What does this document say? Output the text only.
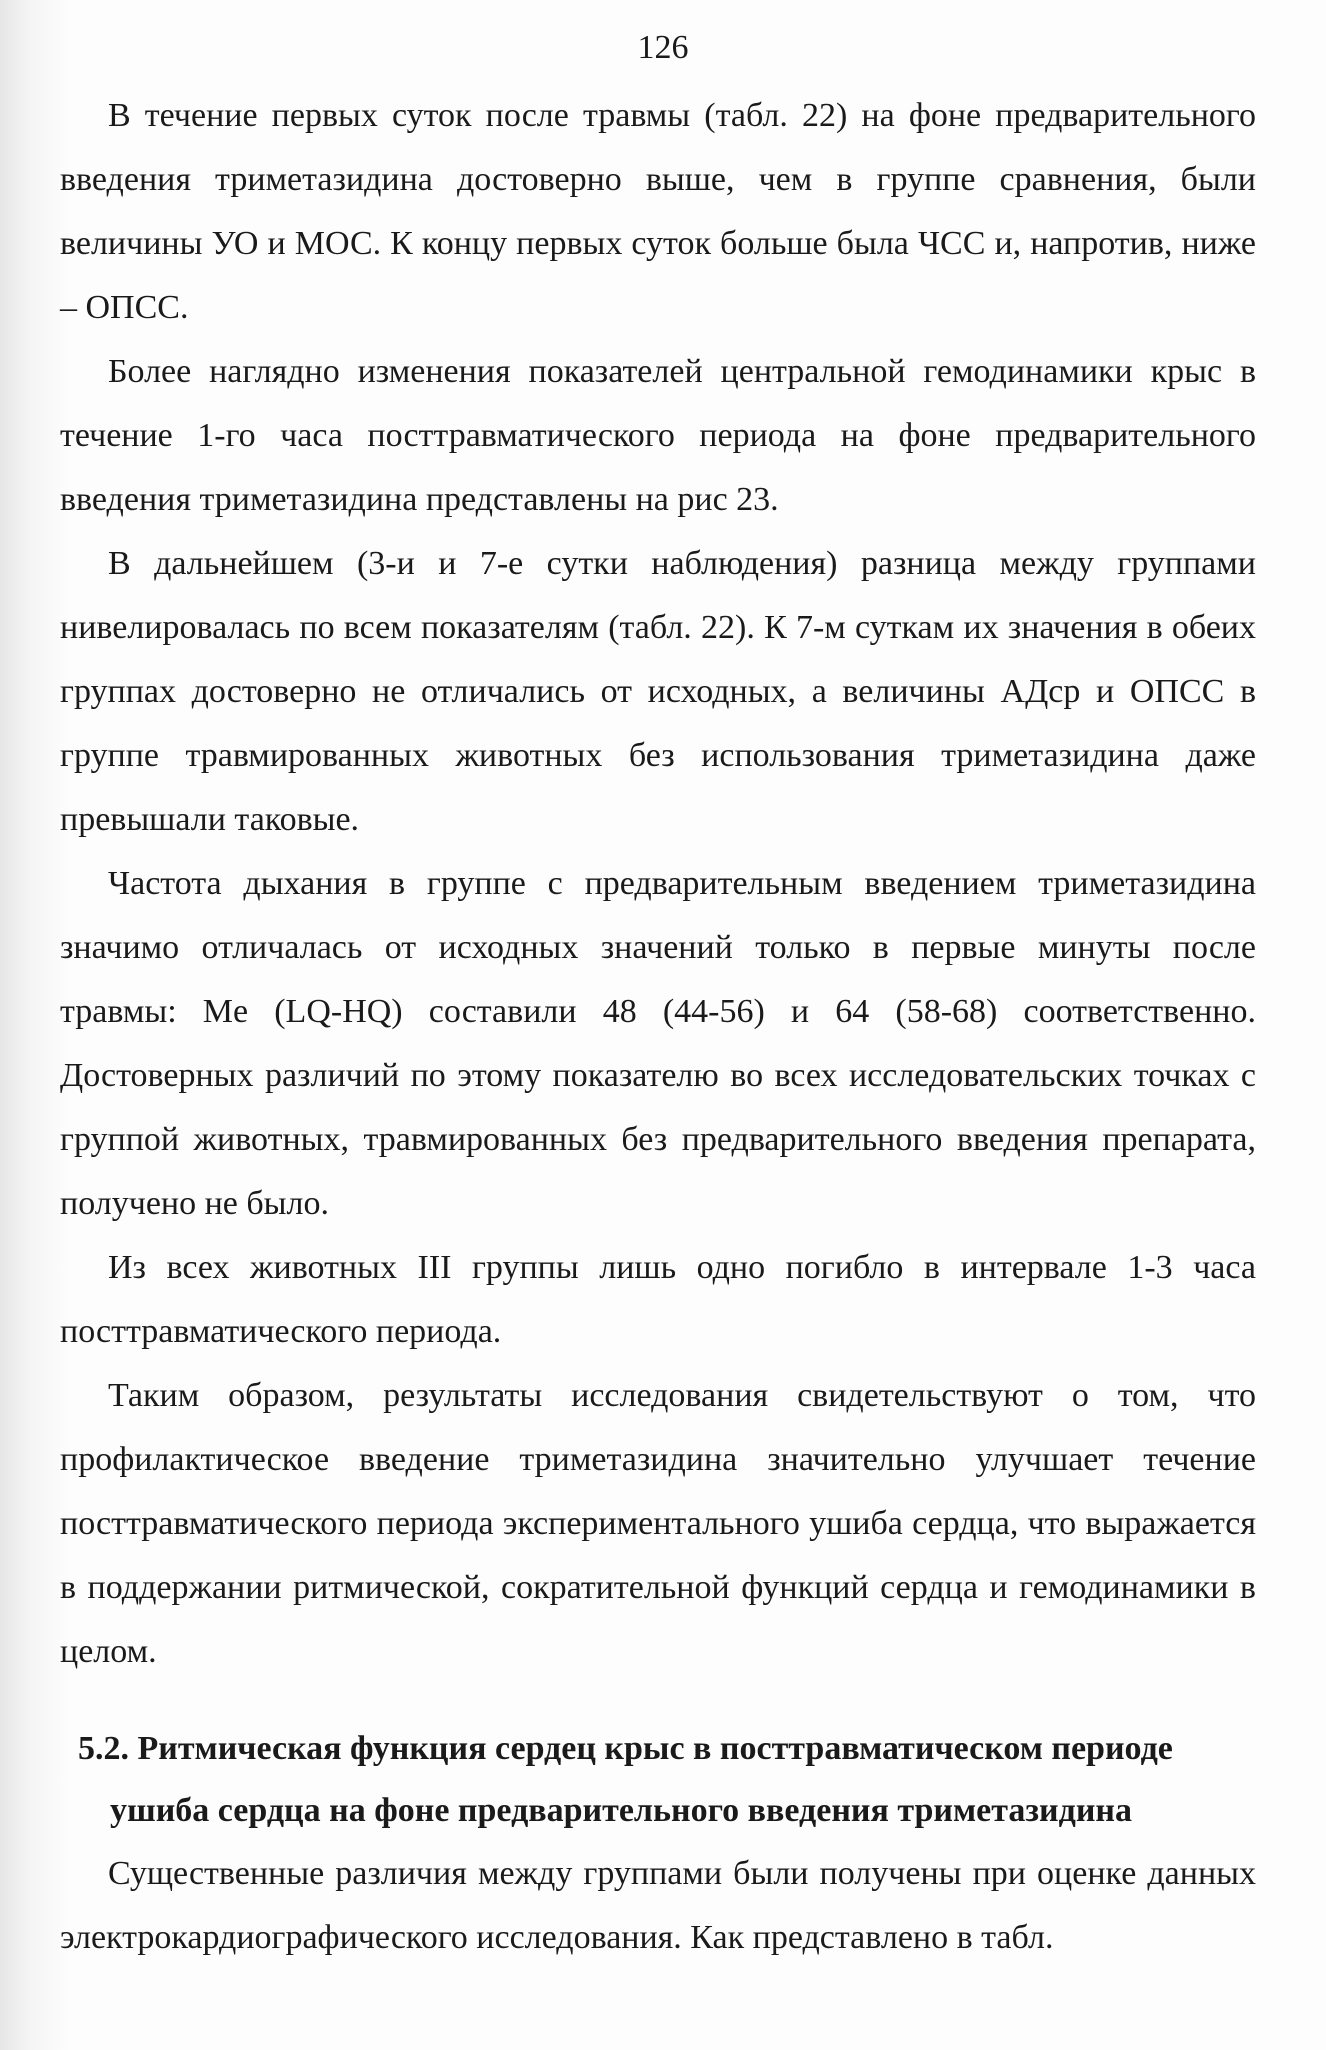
126

В течение первых суток после травмы (табл. 22) на фоне предварительного введения триметазидина достоверно выше, чем в группе сравнения, были величины УО и МОС. К концу первых суток больше была ЧСС и, напротив, ниже – ОПСС.

Более наглядно изменения показателей центральной гемодинамики крыс в течение 1-го часа посттравматического периода на фоне предварительного введения триметазидина представлены на рис 23.

В дальнейшем (3-и и 7-е сутки наблюдения) разница между группами нивелировалась по всем показателям (табл. 22). К 7-м суткам их значения в обеих группах достоверно не отличались от исходных, а величины АДср и ОПСС в группе травмированных животных без использования триметазидина даже превышали таковые.

Частота дыхания в группе с предварительным введением триметазидина значимо отличалась от исходных значений только в первые минуты после травмы: Me (LQ-HQ) составили 48 (44-56) и 64 (58-68) соответственно. Достоверных различий по этому показателю во всех исследовательских точках с группой животных, травмированных без предварительного введения препарата, получено не было.

Из всех животных III группы лишь одно погибло в интервале 1-3 часа посттравматического периода.

Таким образом, результаты исследования свидетельствуют о том, что профилактическое введение триметазидина значительно улучшает течение посттравматического периода экспериментального ушиба сердца, что выражается в поддержании ритмической, сократительной функций сердца и гемодинамики в целом.

5.2. Ритмическая функция сердец крыс в посттравматическом периоде
ушиба сердца на фоне предварительного введения триметазидина

Существенные различия между группами были получены при оценке данных электрокардиографического исследования. Как представлено в табл.
